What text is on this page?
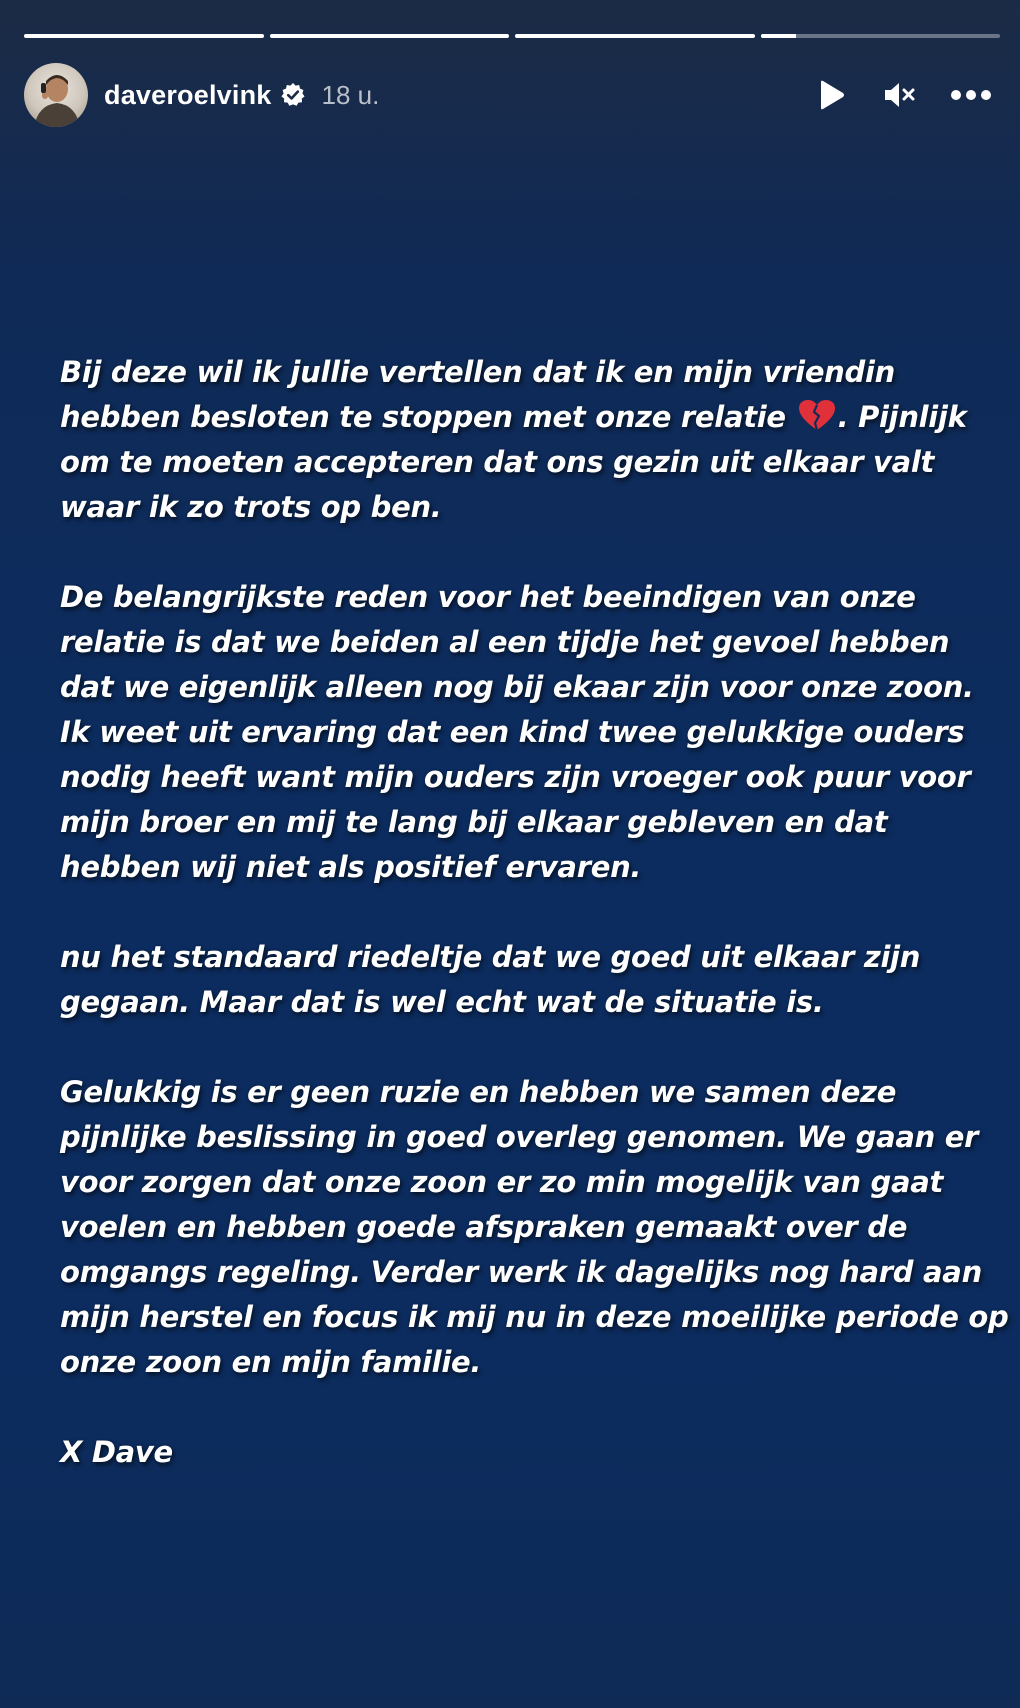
daveroelvink 18 u.

Bij deze wil ik jullie vertellen dat ik en mijn vriendin hebben besloten te stoppen met onze relatie . Pijnlijk om te moeten accepteren dat ons gezin uit elkaar valt waar ik zo trots op ben.

De belangrijkste reden voor het beeindigen van onze relatie is dat we beiden al een tijdje het gevoel hebben dat we eigenlijk alleen nog bij ekaar zijn voor onze zoon. Ik weet uit ervaring dat een kind twee gelukkige ouders nodig heeft want mijn ouders zijn vroeger ook puur voor mijn broer en mij te lang bij elkaar gebleven en dat hebben wij niet als positief ervaren.

nu het standaard riedeltje dat we goed uit elkaar zijn gegaan. Maar dat is wel echt wat de situatie is.

Gelukkig is er geen ruzie en hebben we samen deze pijnlijke beslissing in goed overleg genomen. We gaan er voor zorgen dat onze zoon er zo min mogelijk van gaat voelen en hebben goede afspraken gemaakt over de omgangs regeling. Verder werk ik dagelijks nog hard aan mijn herstel en focus ik mij nu in deze moeilijke periode op onze zoon en mijn familie.

X Dave
